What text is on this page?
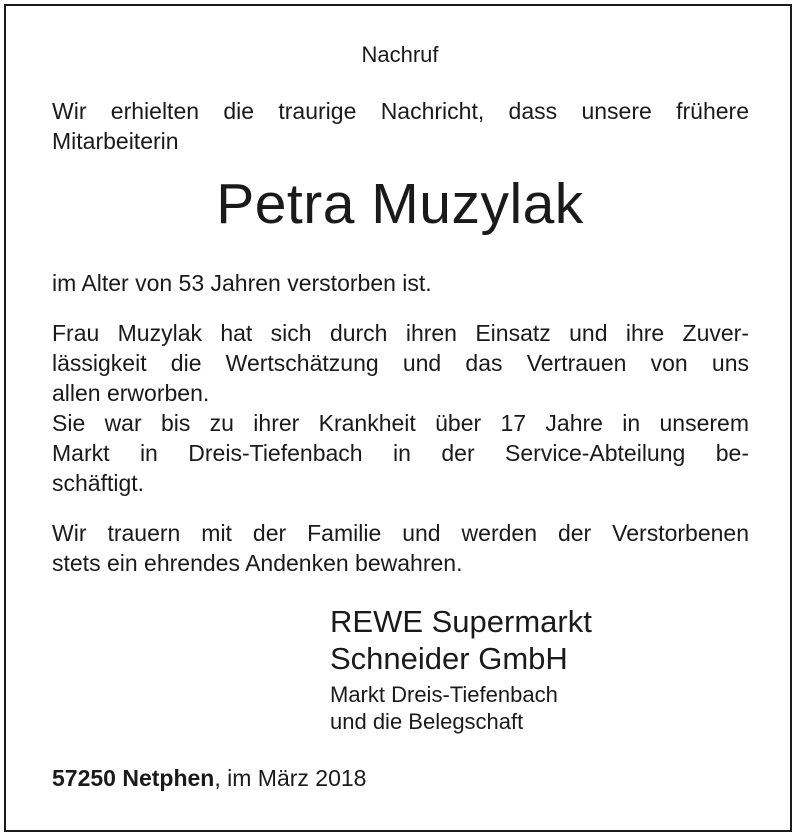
Nachruf

Wir erhielten die traurige Nachricht, dass unsere frühere

Mitarbeiterin

Petra Muzylak

im Alter von 53 Jahren verstorben ist.

Frau Muzylak hat sich durch ihren Einsatz und ihre Zuver-

lässigkeit die Wertschätzung und das Vertrauen von uns

allen erworben.

Sie war bis zu ihrer Krankheit über 17 Jahre in unserem

Markt in Dreis-Tiefenbach in der Service-Abteilung be-

schäftigt.

Wir trauern mit der Familie und werden der Verstorbenen

stets ein ehrendes Andenken bewahren.

REWE Supermarkt

Schneider GmbH

Markt Dreis-Tiefenbach

und die Belegschaft

57250 Netphen, im März 2018
